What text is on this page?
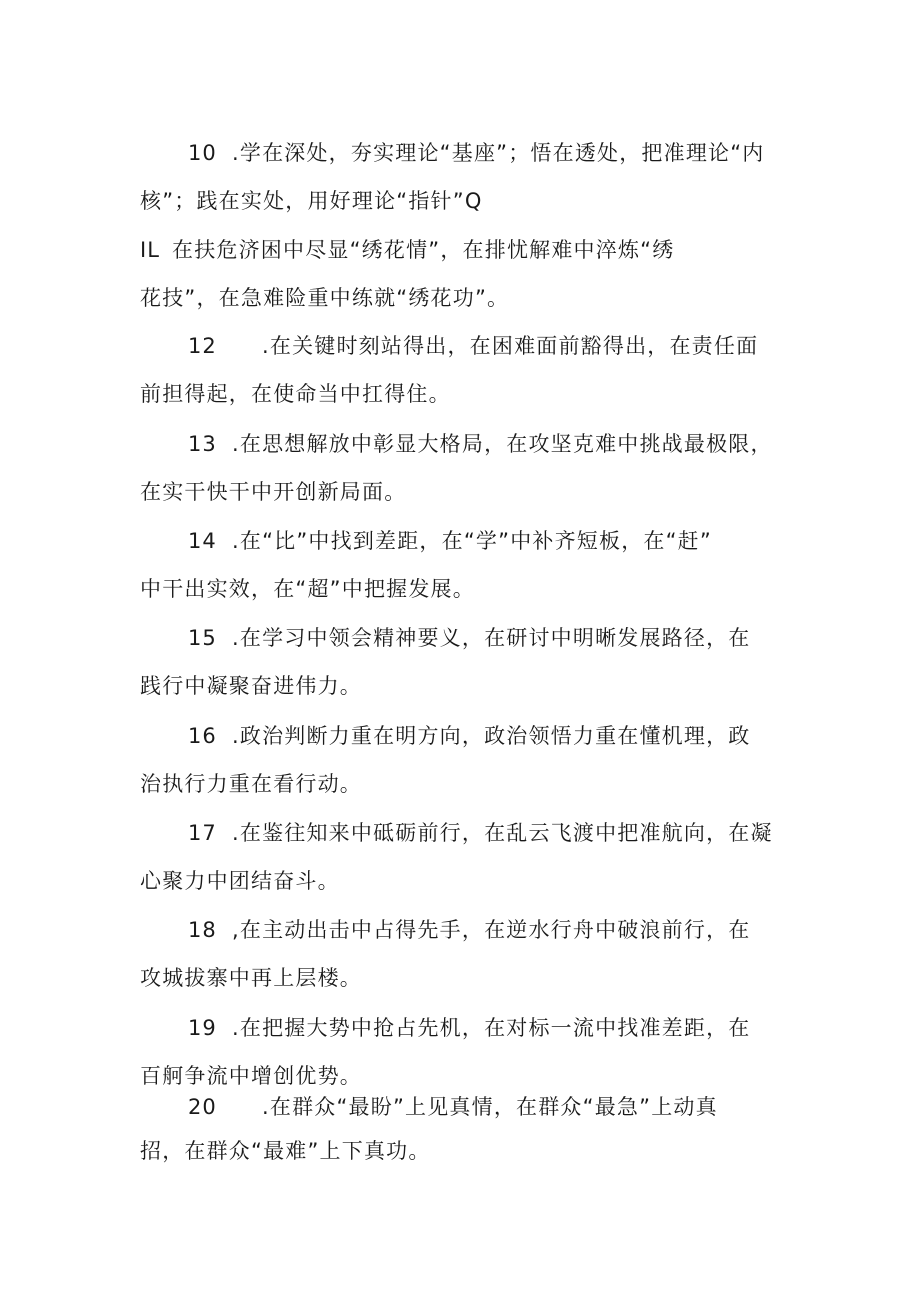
10 .学在深处，夯实理论“基座”；悟在透处，把准理论“内
核”；践在实处，用好理论“指针”Q
IL 在扶危济困中尽显“绣花情”，在排忧解难中淬炼“绣
花技”，在急难险重中练就“绣花功”。
12 .在关键时刻站得出，在困难面前豁得出，在责任面
前担得起，在使命当中扛得住。
13 .在思想解放中彰显大格局，在攻坚克难中挑战最极限，
在实干快干中开创新局面。
14 .在“比”中找到差距，在“学”中补齐短板，在“赶”
中干出实效，在“超”中把握发展。
15 .在学习中领会精神要义，在研讨中明晰发展路径，在
践行中凝聚奋进伟力。
16 .政治判断力重在明方向，政治领悟力重在懂机理，政
治执行力重在看行动。
17 .在鉴往知来中砥砺前行，在乱云飞渡中把准航向，在凝
心聚力中团结奋斗。
18 ,在主动出击中占得先手，在逆水行舟中破浪前行，在
攻城拔寨中再上层楼。
19 .在把握大势中抢占先机，在对标一流中找准差距，在
百舸争流中增创优势。
20 .在群众“最盼”上见真情，在群众“最急”上动真
招，在群众“最难”上下真功。
